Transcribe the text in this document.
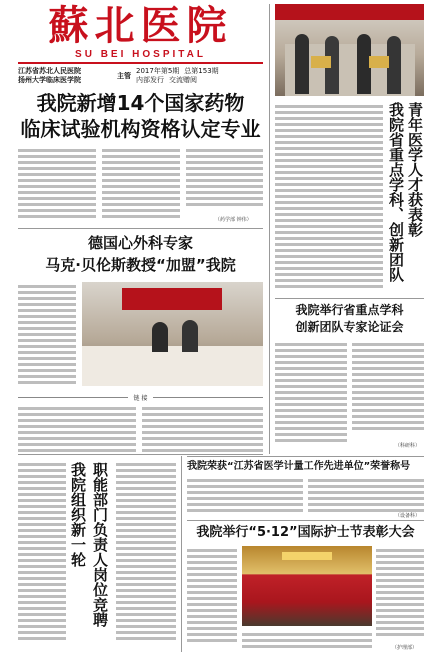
蘇北医院
SU BEI HOSPITAL
江苏省苏北人民医院
扬州大学临床医学院	主管
2017年第5期 总第153期
内部发行 交流赠阅
我院新增14个国家药物
临床试验机构资格认定专业
（药学部 钟伟）
德国心外科专家
马克·贝伦斯教授“加盟”我院
链 接
我院组织新一轮 职能部门负责人岗位竞聘
我院省重点学科、创新团队 青年医学人才获表彰
我院举行省重点学科
创新团队专家论证会
（科研科）
我院荣获“江苏省医学计量工作先进单位”荣誉称号
（设备科）
我院举行“5·12”国际护士节表彰大会
（护理部）
